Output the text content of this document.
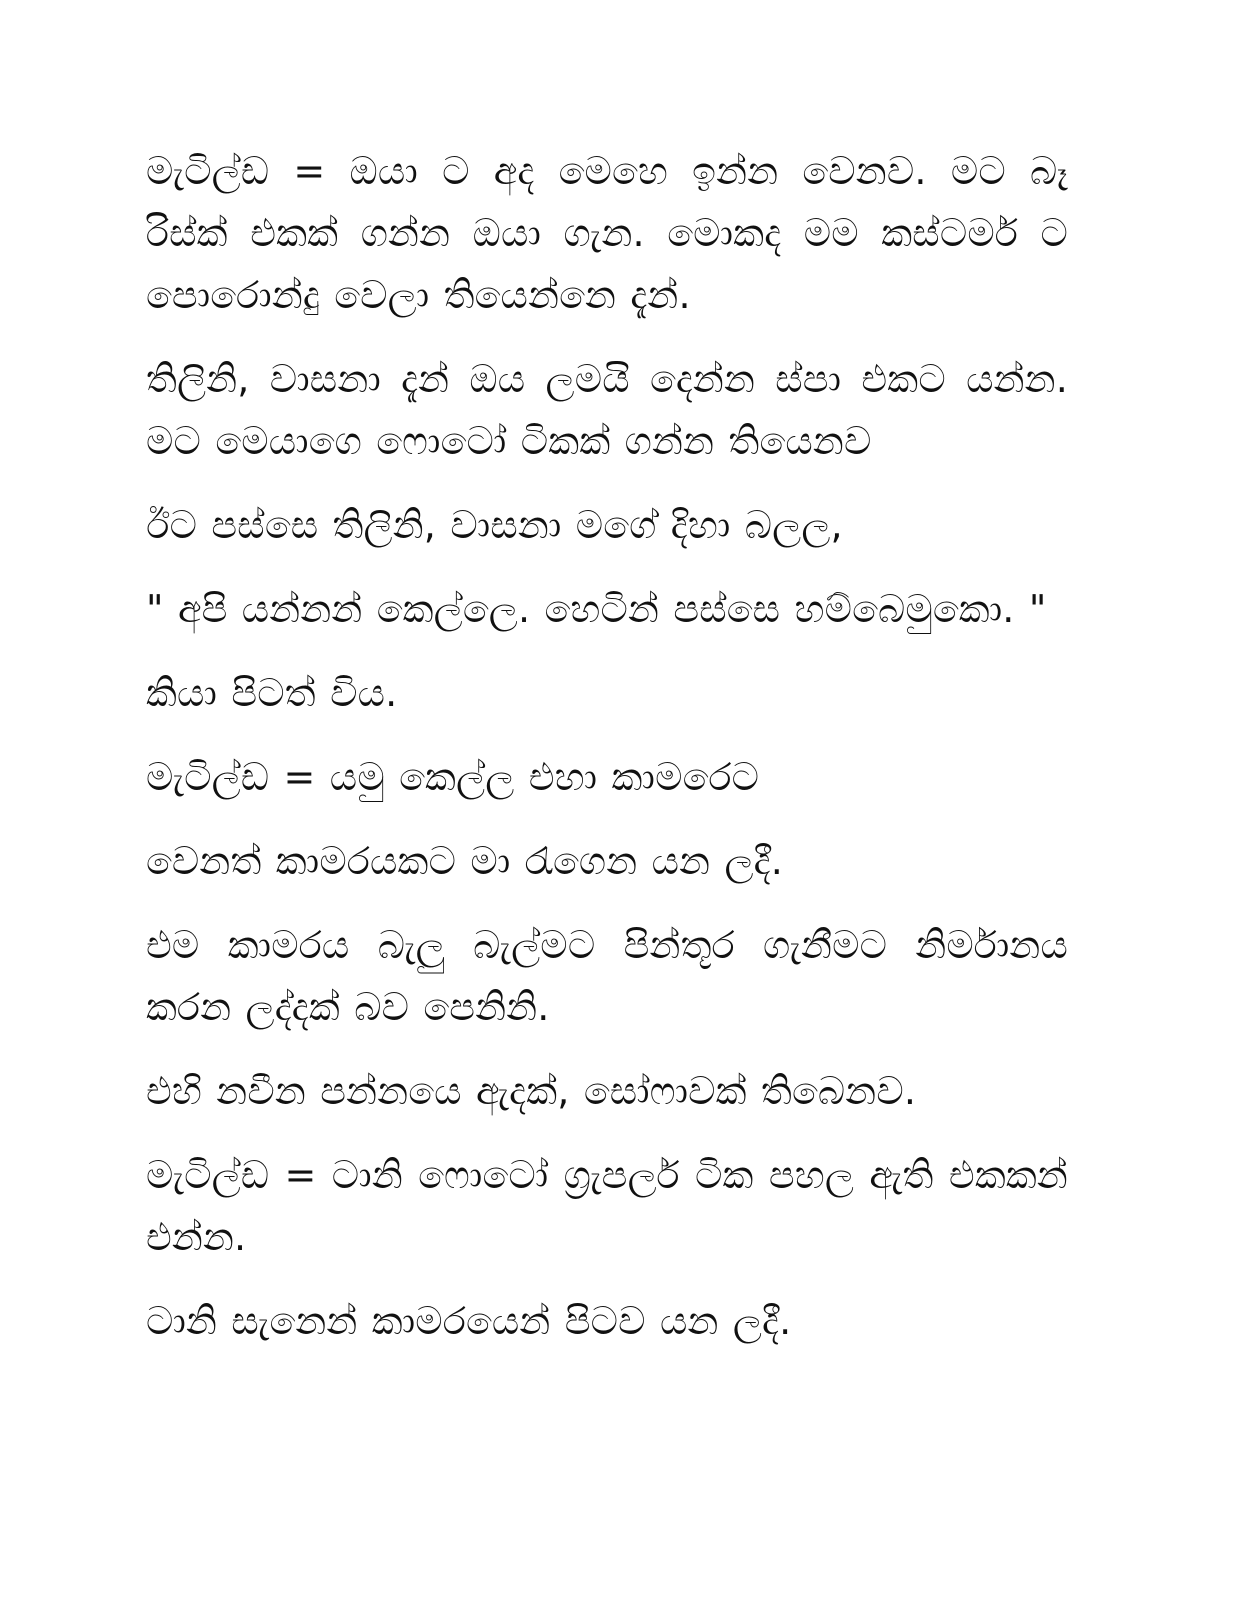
මැටිල්ඩ = ඔයා ට අද මෙහෙ ඉන්න වෙනව. මට බෑ රිස්ක් එකක් ගන්න ඔයා ගැන. මොකද මම කස්ටමර් ට පොරොන්දු වෙලා තියෙන්නෙ දැන්.

තිලිනි, වාසනා දැන් ඔය ලමයි දෙන්න ස්පා එකට යන්න. මට මෙයාගෙ ෆොටෝ ටිකක් ගන්න තියෙනව

ඊට පස්සෙ තිලිනි, වාසනා මගේ දිහා බලල,

" අපි යන්නන් කෙල්ලෙ. හෙටින් පස්සෙ හම්බෙමුකො. "

කියා පිටත් විය.

මැටිල්ඩ = යමු කෙල්ල එහා කාමරෙට

වෙනත් කාමරයකට මා රැගෙන යන ලදී.

එම කාමරය බැලු බැල්මට පින්තූර ගැනීමට නිර්මානය කරන ලද්දක් බව පෙනිනි.

එහි නවීන පන්නයෙ ඇදක්, සෝෆාවක් තිබෙනව.

මැටිල්ඩ = ටානි ෆොටෝ ග්‍රැපර්ල ටික පහල ඇති එකකන් එන්න.

ටානි සැනෙන් කාමරයෙන් පිටව යන ලදී.
